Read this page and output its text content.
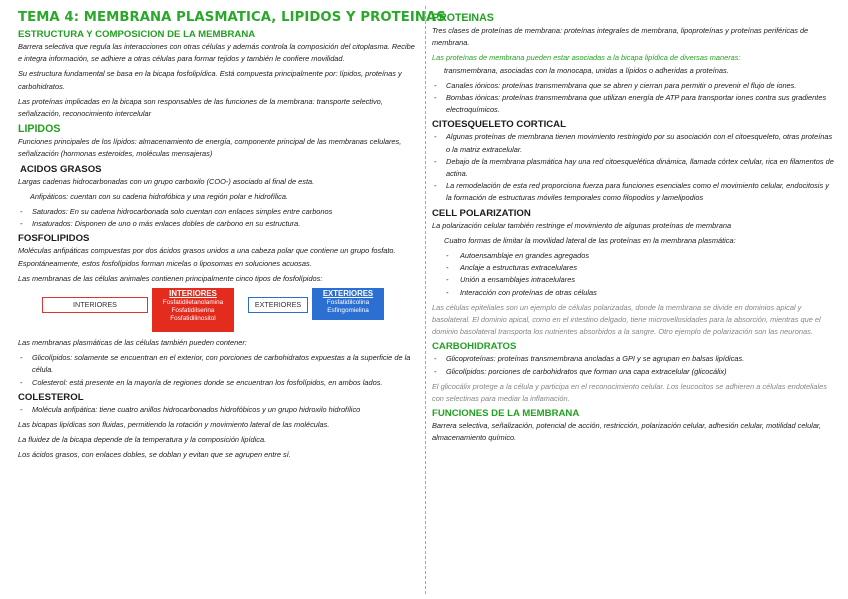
TEMA 4: MEMBRANA PLASMATICA, LIPIDOS Y PROTEINAS
ESTRUCTURA Y COMPOSICION DE LA MEMBRANA

Barrera selectiva que regula las interacciones con otras células y además controla la composición del citoplasma. Recibe e integra información, se adhiere a otras células para formar tejidos y también le confiere movilidad.

Su estructura fundamental se basa en la bicapa fosfolipídica. Está compuesta principalmente por: lípidos, proteínas y carbohidratos.

Las proteínas implicadas en la bicapa son responsables de las funciones de la membrana: transporte selectivo, señalización, reconocimiento intercelular

LIPIDOS

Funciones principales de los lípidos: almacenamiento de energía, componente principal de las membranas celulares, señalización (hormonas esteroides, moléculas mensajeras)

ACIDOS GRASOS

Largas cadenas hidrocarbonadas con un grupo carboxilo (COO-) asociado al final de esta.

Anfipáticos: cuentan con su cadena hidrofóbica y una región polar e hidrofílica.

- Saturados: En su cadena hidrocarbonada solo cuentan con enlaces simples entre carbonos
- Insaturados: Disponen de uno o más enlaces dobles de carbono en su estructura.
FOSFOLIPIDOS

Moléculas anfipáticas compuestas por dos ácidos grasos unidos a una cabeza polar que contiene un grupo fosfato. Espontáneamente, estos fosfolípidos forman micelas o liposomas en soluciones acuosas.

Las membranas de las células animales contienen principalmente cinco tipos de fosfolípidos:

INTERIORES
INTERIORES
Fosfatidiletanolamina
Fosfatidilserina
Fosfatidilinositol
EXTERIORES
EXTERIORES
Fosfatidilcolina
Esfingomielina

Las membranas plasmáticas de las células también pueden contener:

- Glicolípidos: solamente se encuentran en el exterior, con porciones de carbohidratos expuestas a la superficie de la célula.
- Colesterol: está presente en la mayoría de regiones donde se encuentran los fosfolípidos, en ambos lados.
COLESTEROL
- Molécula anfipática: tiene cuatro anillos hidrocarbonados hidrofóbicos y un grupo hidroxilo hidrofílico

Las bicapas lipídicas son fluidas, permitiendo la rotación y movimiento lateral de las moléculas.

La fluidez de la bicapa depende de la temperatura y la composición lipídica.

Los ácidos grasos, con enlaces dobles, se doblan y evitan que se agrupen entre sí.

PROTEINAS

Tres clases de proteínas de membrana: proteínas integrales de membrana, lipoproteínas y proteínas periféricas de membrana.

Las proteínas de membrana pueden estar asociadas a la bicapa lipídica de diversas maneras:

transmembrana, asociadas con la monocapa, unidas a lípidos o adheridas a proteínas.

- Canales iónicos: proteínas transmembrana que se abren y cierran para permitir o prevenir el flujo de iones.
- Bombas iónicas: proteínas transmembrana que utilizan energía de ATP para transportar iones contra sus gradientes electroquímicos.
CITOESQUELETO CORTICAL
- Algunas proteínas de membrana tienen movimiento restringido por su asociación con el citoesqueleto, otras proteínas o la matriz extracelular.
- Debajo de la membrana plasmática hay una red citoesquelética dinámica, llamada córtex celular, rica en filamentos de actina.
- La remodelación de esta red proporciona fuerza para funciones esenciales como el movimiento celular, endocitosis y la formación de estructuras móviles temporales como filopodios y lamelipodios
CELL POLARIZATION

La polarización celular también restringe el movimiento de algunas proteínas de membrana

Cuatro formas de limitar la movilidad lateral de las proteínas en la membrana plasmática:

- Autoensamblaje en grandes agregados
- Anclaje a estructuras extracelulares
- Unión a ensamblajes intracelulares
- Interacción con proteínas de otras células

Las células epiteliales son un ejemplo de células polarizadas, donde la membrana se divide en dominios apical y basolateral. El dominio apical, como en el intestino delgado, tiene microvellosidades para la absorción, mientras que el dominio basolateral transporta los nutrientes absorbidos a la sangre. Otro ejemplo de polarización son las neuronas.

CARBOHIDRATOS
- Glicoproteínas: proteínas transmembrana ancladas a GPI y se agrupan en balsas lipídicas.
- Glicolípidos: porciones de carbohidratos que forman una capa extracelular (glicocálix)

El glicocálix protege a la célula y participa en el reconocimiento celular. Los leucocitos se adhieren a células endoteliales con selectinas para mediar la inflamación.

FUNCIONES DE LA MEMBRANA

Barrera selectiva, señalización, potencial de acción, restricción, polarización celular, adhesión celular, motilidad celular, almacenamiento químico.
